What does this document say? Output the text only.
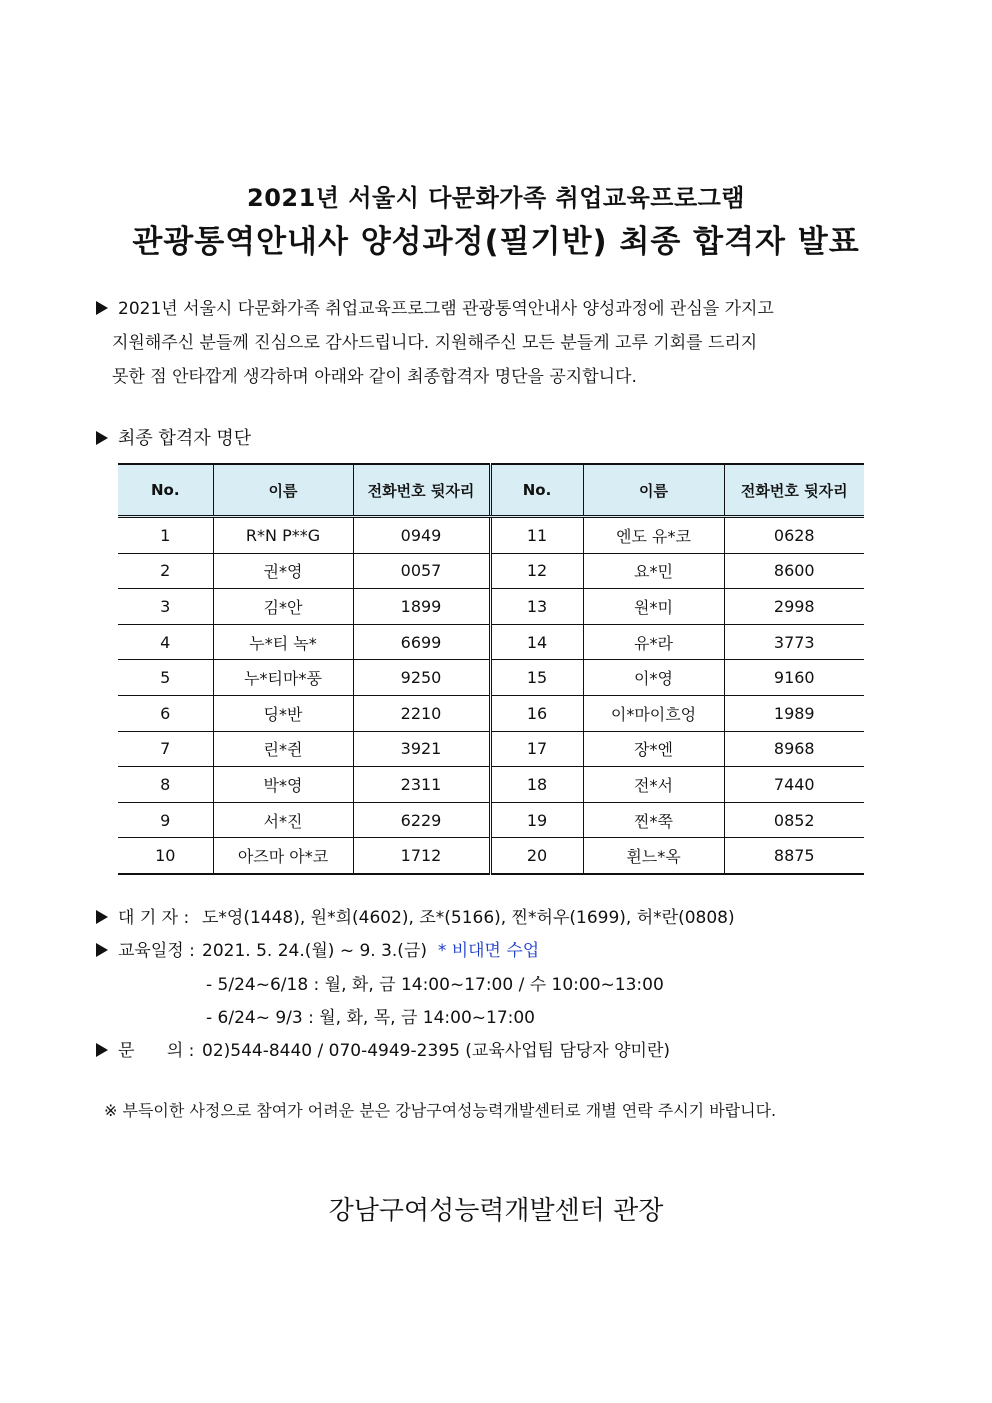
2021년 서울시 다문화가족 취업교육프로그램
관광통역안내사 양성과정(필기반) 최종 합격자 발표
2021년 서울시 다문화가족 취업교육프로그램 관광통역안내사 양성과정에 관심을 가지고
지원해주신 분들께 진심으로 감사드립니다. 지원해주신 모든 분들게 고루 기회를 드리지
못한 점 안타깝게 생각하며 아래와 같이 최종합격자 명단을 공지합니다.
최종 합격자 명단
No.	이름	전화번호 뒷자리	No.	이름	전화번호 뒷자리
1	R*N P**G	0949	11	엔도 유*코	0628
2	권*영	0057	12	요*민	8600
3	김*안	1899	13	원*미	2998
4	누*티 녹*	6699	14	유*라	3773
5	누*티마*풍	9250	15	이*영	9160
6	딩*반	2210	16	이*마이흐엉	1989
7	린*쥔	3921	17	장*엔	8968
8	박*영	2311	18	전*서	7440
9	서*진	6229	19	찐*쭉	0852
10	아즈마 아*코	1712	20	휜느*옥	8875
대 기 자 : 도*영(1448), 원*희(4602), 조*(5166), 찐*허우(1699), 허*란(0808)
교육일정 : 2021. 5. 24.(월) ~ 9. 3.(금) * 비대면 수업
- 5/24~6/18 : 월, 화, 금 14:00~17:00 / 수 10:00~13:00
- 6/24~ 9/3 : 월, 화, 목, 금 14:00~17:00
문      의 : 02)544-8440 / 070-4949-2395 (교육사업팀 담당자 양미란)
※ 부득이한 사정으로 참여가 어려운 분은 강남구여성능력개발센터로 개별 연락 주시기 바랍니다.
강남구여성능력개발센터 관장
